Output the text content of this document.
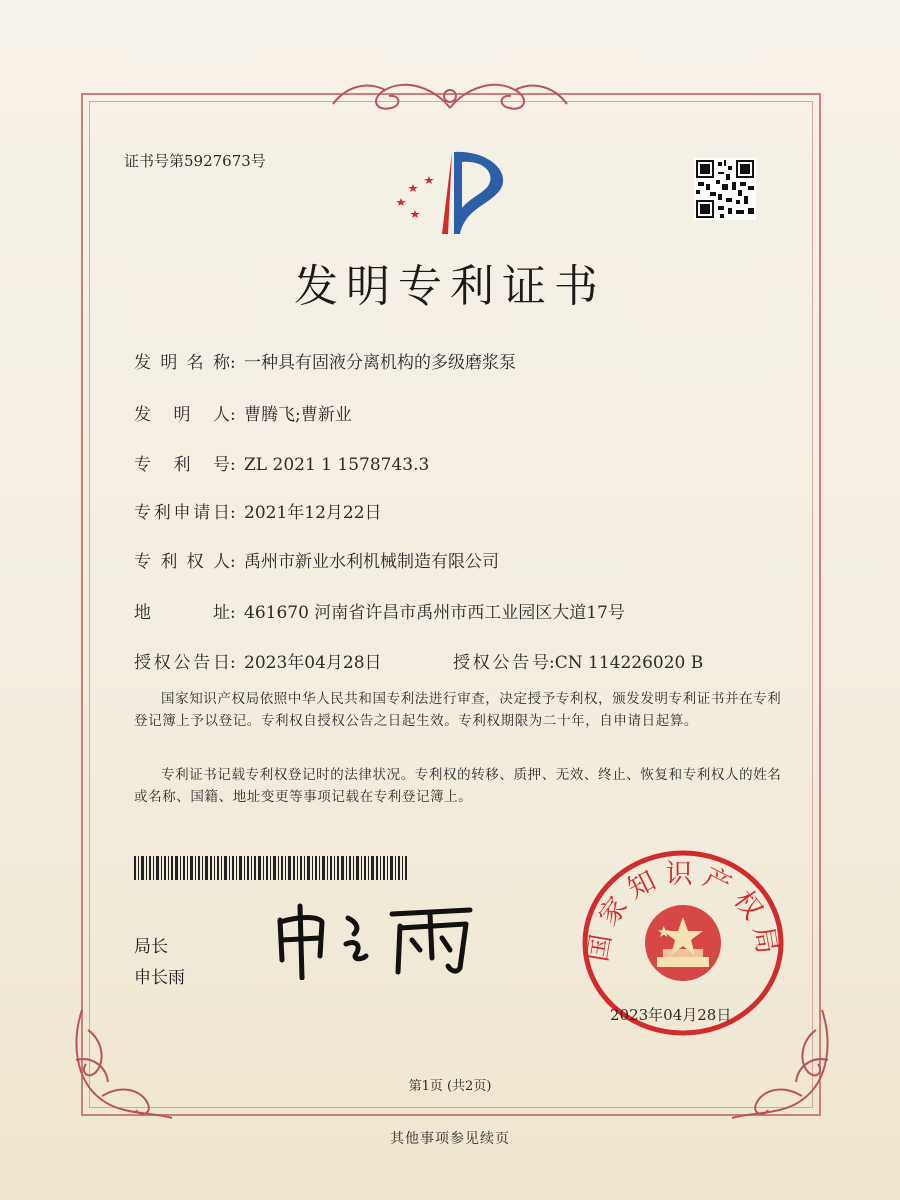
证书号第5927673号
发明专利证书
发明名称: 一种具有固液分离机构的多级磨浆泵
发明人: 曹腾飞;曹新业
专利号: ZL 2021 1 1578743.3
专利申请日: 2021年12月22日
专利权人: 禹州市新业水利机械制造有限公司
地址: 461670 河南省许昌市禹州市西工业园区大道17号
授权公告日: 2023年04月28日	授权公告号:CN 114226020 B
国家知识产权局依照中华人民共和国专利法进行审查，决定授予专利权，颁发发明专利证书并在专利登记簿上予以登记。专利权自授权公告之日起生效。专利权期限为二十年，自申请日起算。
专利证书记载专利权登记时的法律状况。专利权的转移、质押、无效、终止、恢复和专利权人的姓名或名称、国籍、地址变更等事项记载在专利登记簿上。
局长
申长雨
国家知识产权局
2023年04月28日
第1页 (共2页)
其他事项参见续页
